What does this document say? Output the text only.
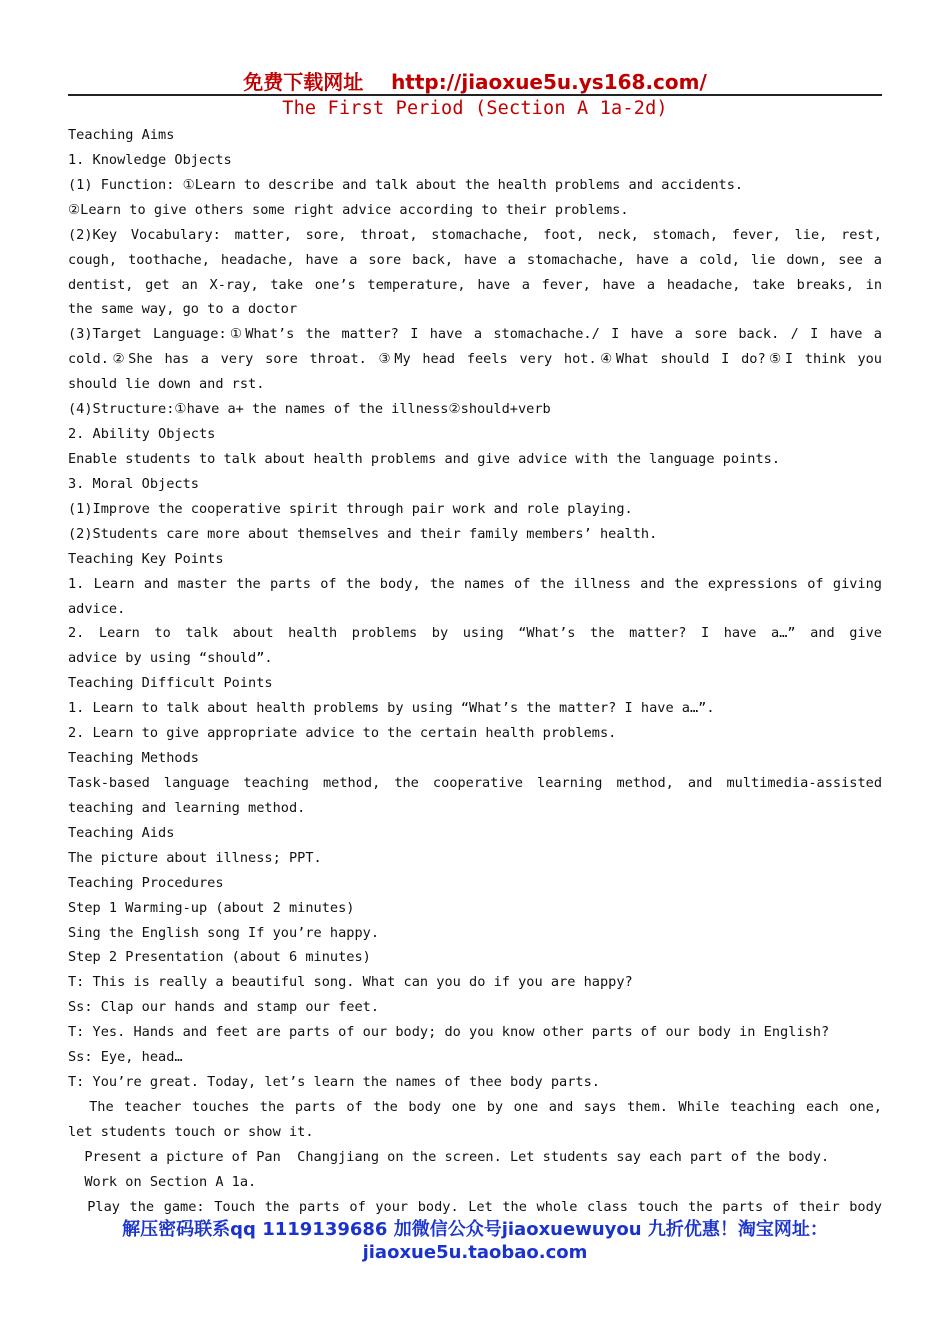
免费下载网址 http://jiaoxue5u.ys168.com/
The First Period (Section A 1a-2d)
Teaching Aims
1. Knowledge Objects
(1) Function: ①Learn to describe and talk about the health problems and accidents.
②Learn to give others some right advice according to their problems.
(2)Key Vocabulary: matter, sore, throat, stomachache, foot, neck, stomach, fever, lie, rest,
cough, toothache, headache, have a sore back, have a stomachache, have a cold, lie down, see a
dentist, get an X-ray, take one’s temperature, have a fever, have a headache, take breaks, in
the same way, go to a doctor
(3)Target Language:①What’s the matter? I have a stomachache./ I have a sore back. / I have a
cold.②She has a very sore throat. ③My head feels very hot.④What should I do?⑤I think you
should lie down and rst.
(4)Structure:①have a+ the names of the illness②should+verb
2. Ability Objects
Enable students to talk about health problems and give advice with the language points.
3. Moral Objects
(1)Improve the cooperative spirit through pair work and role playing.
(2)Students care more about themselves and their family members’ health.
Teaching Key Points
1. Learn and master the parts of the body, the names of the illness and the expressions of giving
advice.
2. Learn to talk about health problems by using “What’s the matter? I have a…” and give
advice by using “should”.
Teaching Difficult Points
1. Learn to talk about health problems by using “What’s the matter? I have a…”.
2. Learn to give appropriate advice to the certain health problems.
Teaching Methods
Task-based language teaching method, the cooperative learning method, and multimedia-assisted
teaching and learning method.
Teaching Aids
The picture about illness; PPT.
Teaching Procedures
Step 1 Warming-up (about 2 minutes)
Sing the English song If you’re happy.
Step 2 Presentation (about 6 minutes)
T: This is really a beautiful song. What can you do if you are happy?
Ss: Clap our hands and stamp our feet.
T: Yes. Hands and feet are parts of our body; do you know other parts of our body in English?
Ss: Eye, head…
T: You’re great. Today, let’s learn the names of thee body parts.
The teacher touches the parts of the body one by one and says them. While teaching each one,
let students touch or show it.
Present a picture of Pan  Changjiang on the screen. Let students say each part of the body.
Work on Section A 1a.
Play the game: Touch the parts of your body. Let the whole class touch the parts of their body
解压密码联系qq 1119139686 加微信公众号jiaoxuewuyou 九折优惠！淘宝网址：
jiaoxue5u.taobao.com
